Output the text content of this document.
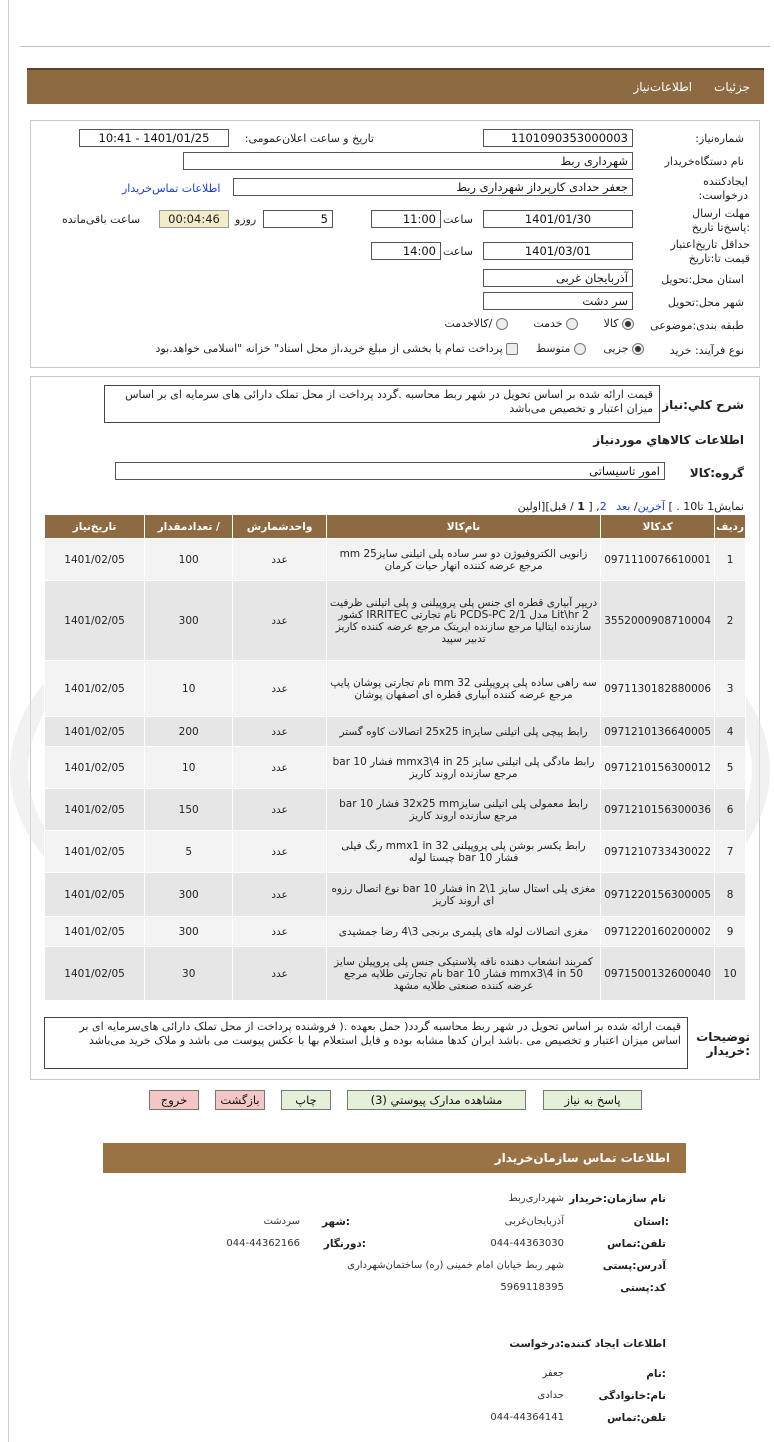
جزئیات
اطلاعات‌نیاز
شماره‌نیاز:
1101090353000003
تاریخ و ساعت اعلان‌عمومی:
1401/01/25 - 10:41
نام دستگاه‌خریدار
شهرداری ربط
ایجادکننده درخواست:
جعفر حدادی کارپرداز شهرداری ربط
اطلاعات تماس‌خریدار
مهلت ارسال :پاسخ‌تا تاریخ
1401/01/30
ساعت
11:00
5
روزو
00:04:46
ساعت باقی‌مانده
حداقل تاریخ‌اعتبار قیمت تا:تاریخ
1401/03/01
ساعت
14:00
استان محل:تحویل
آذربایجان غربی
شهر محل:تحویل
سر دشت
طبقه بندی:موضوعی
کالا  خدمت  /کالاخدمت
نوع فرآیند: خرید
جزیی  متوسط  پرداخت تمام یا بخشی از مبلغ خرید،از محل اسناد" خزانه "اسلامی خواهد.بود
شرح کلي:نیاز
قیمت ارائه شده بر اساس تحویل در شهر ربط محاسبه .گردد پرداخت از محل تملک دارائی های سرمایه ای بر اساس میزان اعتبار و تخصیص می‌باشد
اطلاعات کالاهاي موردنیاز
گروه:کالا
امور تاسیساتی
نمایش1 تا10 . ] آخرین/ بعد 2, [ 1 / قبل][اولین
ردیف	کدکالا	نام‌کالا	واحدشمارش	/ تعدادمقدار	تاریخ‌نیاز
1	0971110076610001	زانویی الکتروفیوژن دو سر ساده پلی اتیلنی سایز25 mm مرجع عرضه کننده انهار حیات کرمان	عدد	100	1401/02/05
2	3552000908710004	دریپر آبیاری قطره ای جنس پلی پروپیلنی و پلی اتیلنی ظرفیت 2 Lit\hr مدل PCDS-PC 2/1 نام تجارتی IRRITEC کشور سازنده ایتالیا مرجع سازنده ایریتک مرجع عرضه کننده کاریز تدبیر سپید	عدد	300	1401/02/05
3	0971130182880006	سه راهی ساده پلی پروپیلنی 32 mm نام تجارتی پوشان پایپ مرجع عرضه کننده آبیاری قطره ای اصفهان پوشان	عدد	10	1401/02/05
4	0971210136640005	رابط پیچی پلی اتیلنی سایز25x25 in اتصالات کاوه گستر	عدد	200	1401/02/05
5	0971210156300012	رابط مادگی پلی اتیلنی سایز 25 mmx3\4 in فشار 10 bar مرجع سازنده اروند کاریز	عدد	10	1401/02/05
6	0971210156300036	رابط معمولی پلی اتیلنی سایز32x25 mm فشار 10 bar مرجع سازنده اروند کاریز	عدد	150	1401/02/05
7	0971210733430022	رابط یکسر بوشن پلی پروپیلنی 32 mmx1 in رنگ فیلی فشار 10 bar چیستا لوله	عدد	5	1401/02/05
8	0971220156300005	مغزی پلی استال سایز 1\2 in فشار 10 bar نوع اتصال رزوه ای اروند کاریز	عدد	300	1401/02/05
9	0971220160200002	مغزی اتصالات لوله های پلیمری برنجی 3\4 رضا جمشیدی	عدد	300	1401/02/05
10	0971500132600040	کمربند انشعاب دهنده نافه پلاستیکی جنس پلی پروپیلن سایز 50 mmx3\4 in فشار 10 bar نام تجارتی طلایه مرجع عرضه کننده صنعتی طلایه مشهد	عدد	30	1401/02/05
توضیحات :خریدار
قیمت ارائه شده بر اساس تحویل در شهر ربط محاسبه گردد( حمل بعهده .( فروشنده پرداخت از محل تملک دارائی های‌سرمایه ای بر اساس میزان اعتبار و تخصیص می .باشد ایران کدها مشابه بوده و فایل استعلام بها با عکس پیوست می باشد و ملاک خرید می‌باشد
پاسخ به نیاز
مشاهده مدارک پیوستي (3)
چاپ
بازگشت
خروج
اطلاعات تماس سازمان‌خریدار
نام سازمان:خریدار
شهرداری‌ربط
:استان
آذربایجان‌غربی
:شهر
سردشت
تلفن:تماس
044-44363030
:دورنگار
044-44362166
آدرس:پستی
شهر ربط خیابان امام خمینی (ره) ساختمان‌شهرداری
کد:پستی
5969118395
اطلاعات ایجاد کننده:درخواست
:نام
جعفر
نام:خانوادگی
حدادی
تلفن:تماس
044-44364141
